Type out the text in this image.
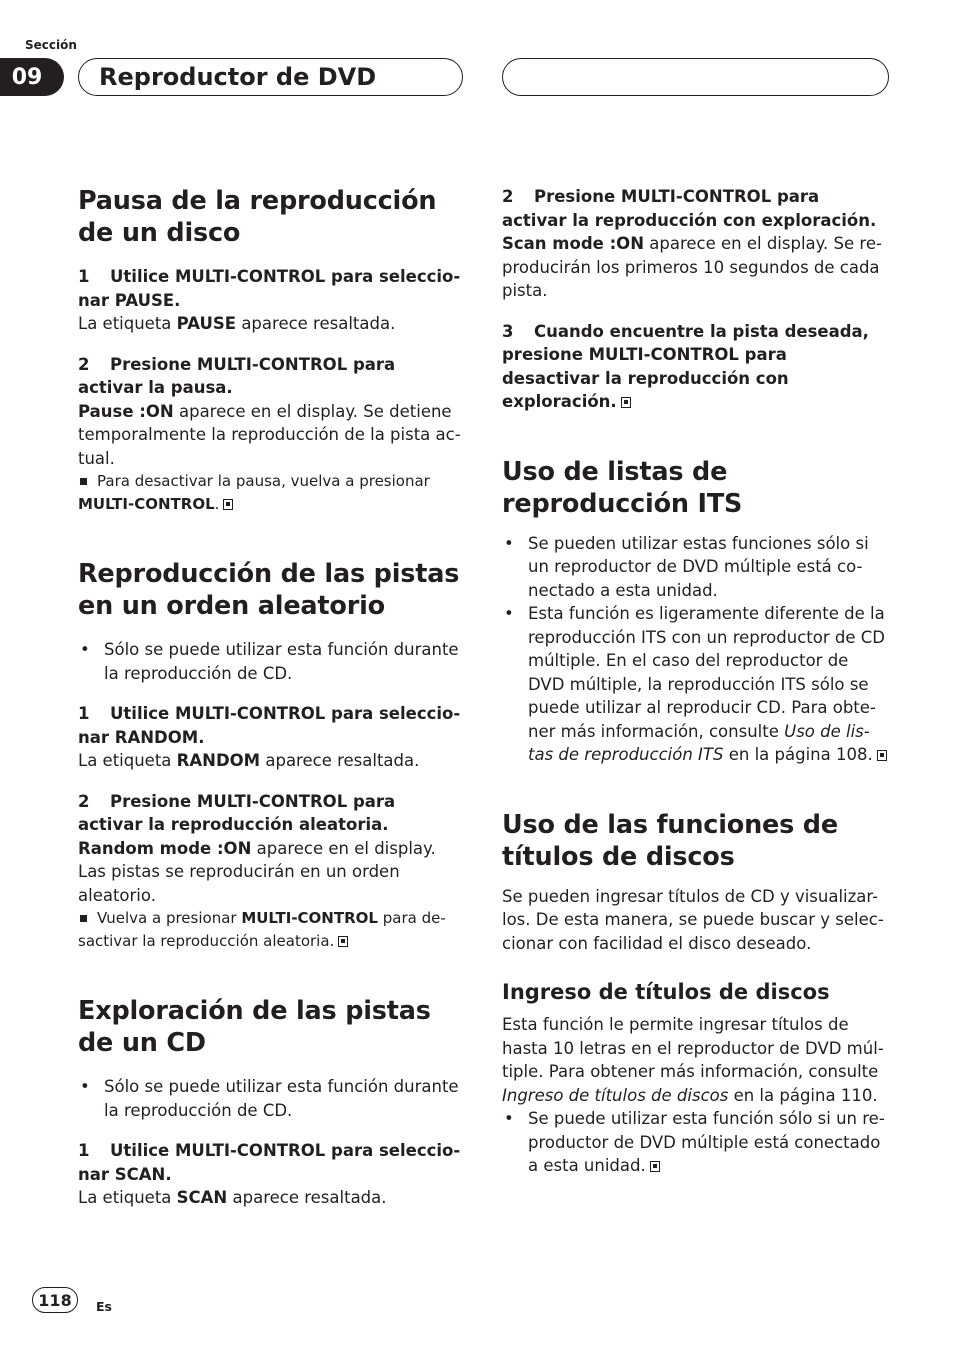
Sección
09	Reproductor de DVD
Pausa de la reproducción de un disco
1 Utilice MULTI-CONTROL para seleccio-nar PAUSE.

La etiqueta PAUSE aparece resaltada.

2 Presione MULTI-CONTROL para activar la pausa.

Pause :ON aparece en el display. Se detiene temporalmente la reproducción de la pista ac-tual.

Para desactivar la pausa, vuelva a presionar MULTI-CONTROL.
Reproducción de las pistas en un orden aleatorio
• Sólo se puede utilizar esta función durante la reproducción de CD.
1 Utilice MULTI-CONTROL para seleccio-nar RANDOM.

La etiqueta RANDOM aparece resaltada.

2 Presione MULTI-CONTROL para activar la reproducción aleatoria.

Random mode :ON aparece en el display. Las pistas se reproducirán en un orden aleatorio.

Vuelva a presionar MULTI-CONTROL para de-sactivar la reproducción aleatoria.
Exploración de las pistas de un CD
• Sólo se puede utilizar esta función durante la reproducción de CD.
1 Utilice MULTI-CONTROL para seleccio-nar SCAN.

La etiqueta SCAN aparece resaltada.

2 Presione MULTI-CONTROL para activar la reproducción con exploración.

Scan mode :ON aparece en el display. Se re-producirán los primeros 10 segundos de cada pista.

3 Cuando encuentre la pista deseada, presione MULTI-CONTROL para desactivar la reproducción con exploración.
Uso de listas de reproducción ITS
• Se pueden utilizar estas funciones sólo si un reproductor de DVD múltiple está co-nectado a esta unidad.
• Esta función es ligeramente diferente de la reproducción ITS con un reproductor de CD múltiple. En el caso del reproductor de DVD múltiple, la reproducción ITS sólo se puede utilizar al reproducir CD. Para obte-ner más información, consulte Uso de lis-tas de reproducción ITS en la página 108.
Uso de las funciones de títulos de discos

Se pueden ingresar títulos de CD y visualizar-los. De esta manera, se puede buscar y selec-cionar con facilidad el disco deseado.

Ingreso de títulos de discos

Esta función le permite ingresar títulos de hasta 10 letras en el reproductor de DVD múl-tiple. Para obtener más información, consulte Ingreso de títulos de discos en la página 110.

• Se puede utilizar esta función sólo si un re-productor de DVD múltiple está conectado a esta unidad.
118	Es
